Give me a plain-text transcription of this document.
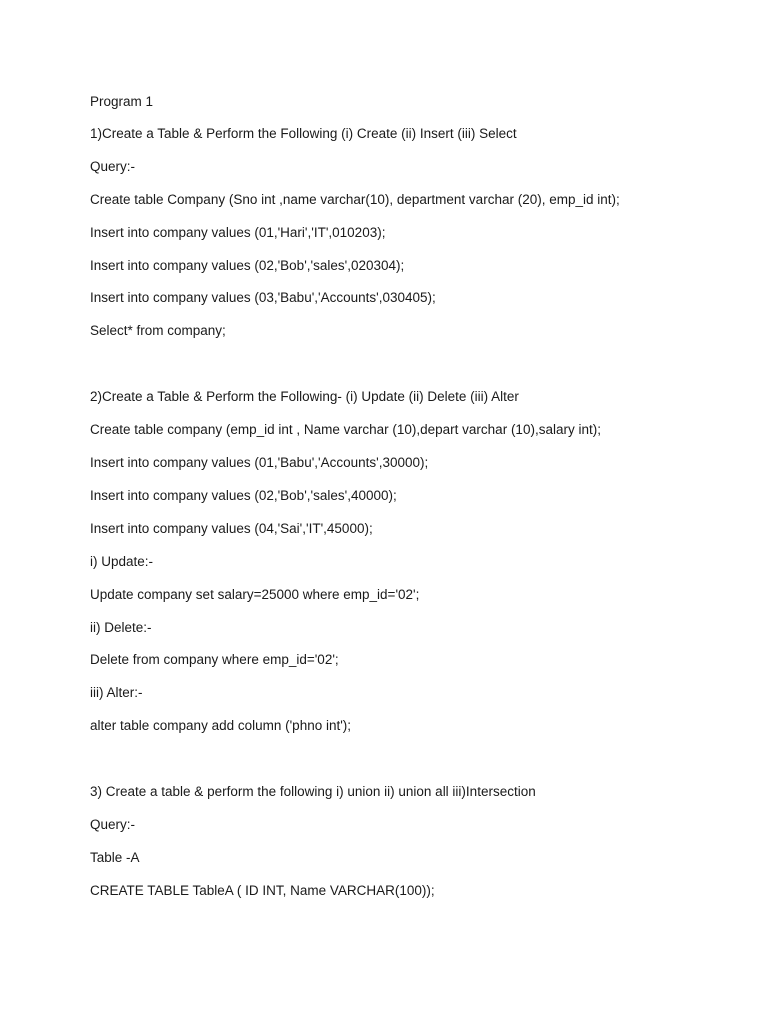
Program 1

1)Create a Table & Perform the Following (i) Create (ii) Insert (iii) Select

Query:-

Create table Company (Sno int ,name varchar(10), department varchar (20), emp_id int);

Insert into company values (01,'Hari','IT',010203);

Insert into company values (02,'Bob','sales',020304);

Insert into company values (03,'Babu','Accounts',030405);

Select* from company;

2)Create a Table & Perform the Following- (i) Update (ii) Delete (iii) Alter

Create table company (emp_id int , Name varchar (10),depart varchar (10),salary int);

Insert into company values (01,'Babu','Accounts',30000);

Insert into company values (02,'Bob','sales',40000);

Insert into company values (04,'Sai','IT',45000);

i) Update:-

Update company set salary=25000 where emp_id='02';

ii) Delete:-

Delete from company where emp_id='02';

iii) Alter:-

alter table company add column ('phno int');

3) Create a table & perform the following i) union ii) union all iii)Intersection

Query:-

Table -A

CREATE TABLE TableA ( ID INT, Name VARCHAR(100));
